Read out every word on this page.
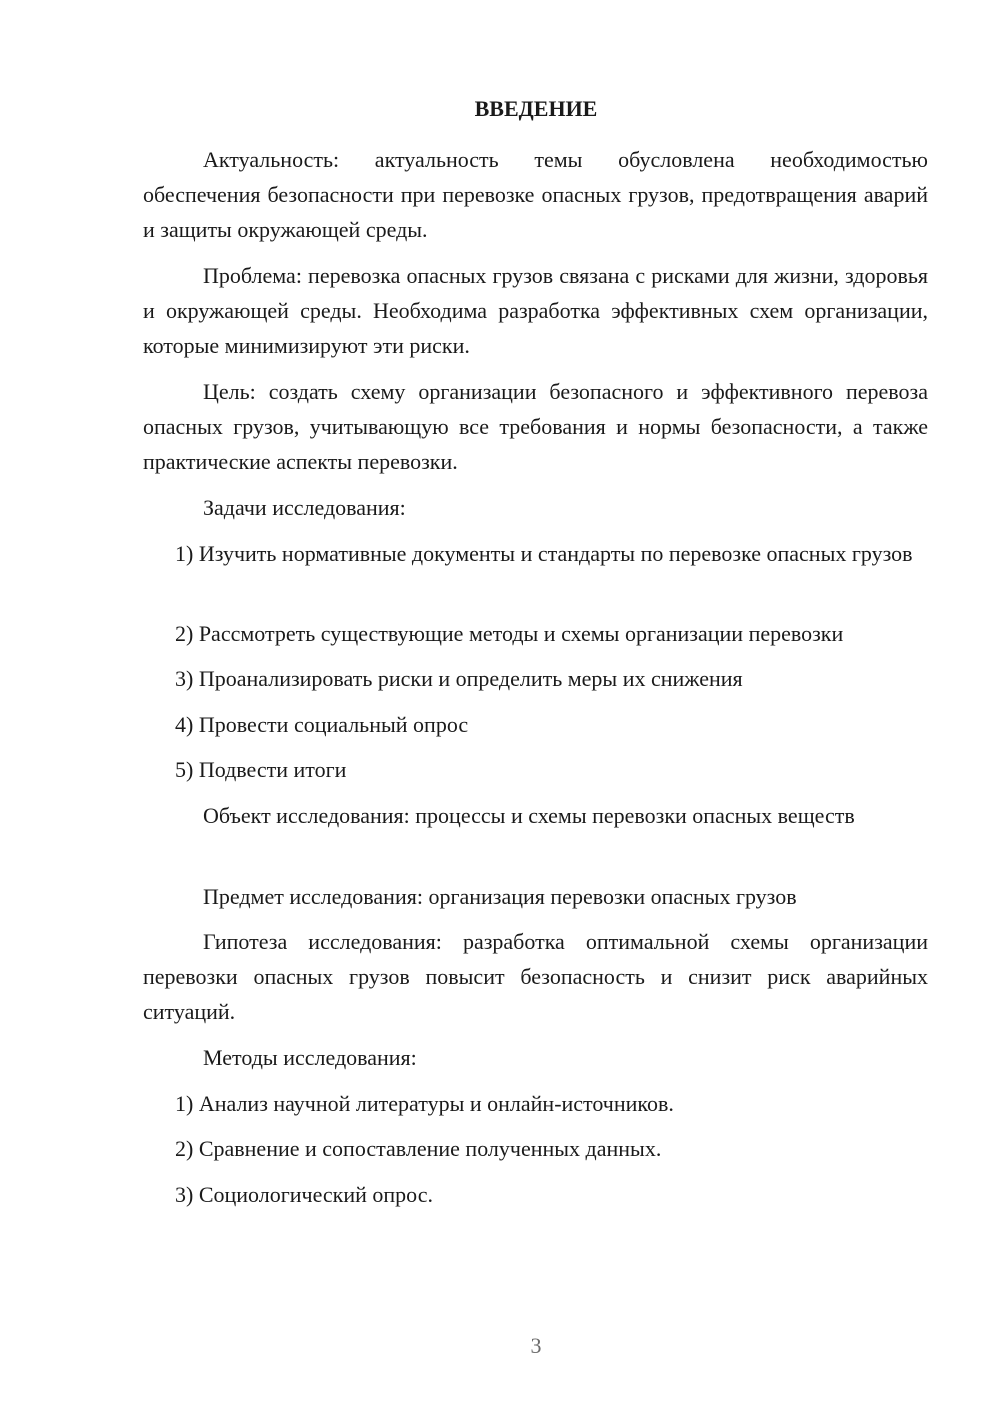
ВВЕДЕНИЕ

Актуальность: актуальность темы обусловлена необходимостью обеспечения безопасности при перевозке опасных грузов, предотвращения аварий и защиты окружающей среды.

Проблема: перевозка опасных грузов связана с рисками для жизни, здоровья и окружающей среды. Необходима разработка эффективных схем организации, которые минимизируют эти риски.

Цель: создать схему организации безопасного и эффективного перевоза опасных грузов, учитывающую все требования и нормы безопасности, а также практические аспекты перевозки.

Задачи исследования:

1) Изучить нормативные документы и стандарты по перевозке опасных грузов

2) Рассмотреть существующие методы и схемы организации перевозки

3) Проанализировать риски и определить меры их снижения

4) Провести социальный опрос

5) Подвести итоги

Объект исследования: процессы и схемы перевозки опасных веществ

Предмет исследования: организация перевозки опасных грузов

Гипотеза исследования: разработка оптимальной схемы организации перевозки опасных грузов повысит безопасность и снизит риск аварийных ситуаций.

Методы исследования:

1) Анализ научной литературы и онлайн-источников.

2) Сравнение и сопоставление полученных данных.

3) Социологический опрос.

3
